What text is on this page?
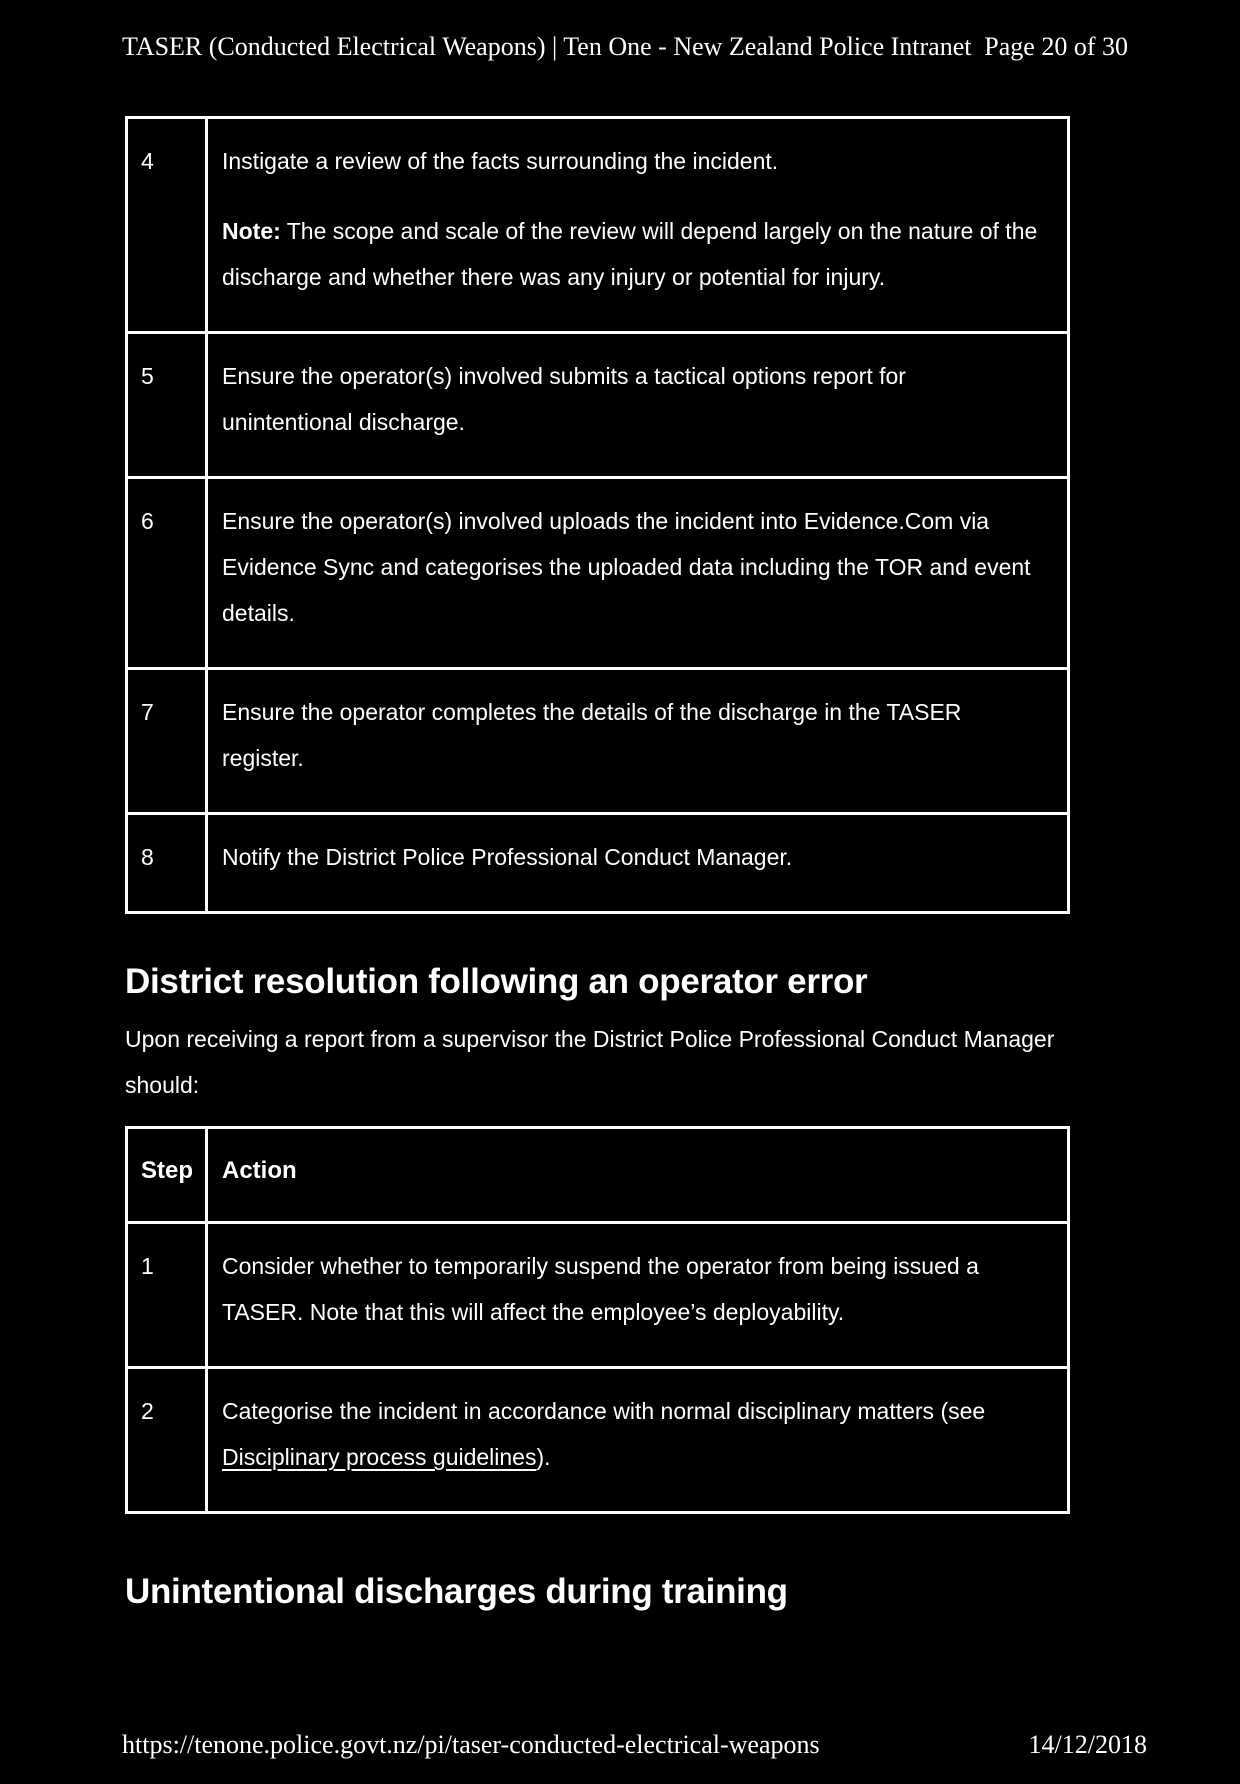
TASER (Conducted Electrical Weapons) | Ten One - New Zealand Police Intranet Page 20 of 30
4	Instigate a review of the facts surrounding the incident.

Note: The scope and scale of the review will depend largely on the nature of the discharge and whether there was any injury or potential for injury.

5	Ensure the operator(s) involved submits a tactical options report for unintentional discharge.

6	Ensure the operator(s) involved uploads the incident into Evidence.Com via Evidence Sync and categorises the uploaded data including the TOR and event details.

7	Ensure the operator completes the details of the discharge in the TASER register.

8	Notify the District Police Professional Conduct Manager.

District resolution following an operator error

Upon receiving a report from a supervisor the District Police Professional Conduct Manager should:

Step	Action
1	Consider whether to temporarily suspend the operator from being issued a TASER. Note that this will affect the employee’s deployability.

2	Categorise the incident in accordance with normal disciplinary matters (see Disciplinary process guidelines).

Unintentional discharges during training
https://tenone.police.govt.nz/pi/taser-conducted-electrical-weapons	14/12/2018
